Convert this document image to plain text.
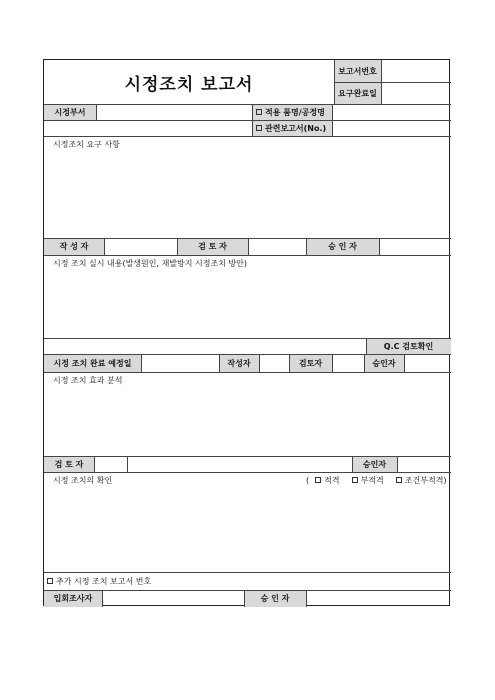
시정조치 보고서
보고서번호
요구완료일
시정부서	적용 품명/공정명
관련보고서(No.)
시정조치 요구 사항
작 성 자	검 토 자	승 인 자
시정 조치 실시 내용(발생원인, 재발방지 시정조치 방안)
Q.C 검토확인
시정 조치 완료 예정일	작성자	검토자	승인자
시정 조치 효과 분석
검 토 자	승인자
시정 조치의 확인	( 적격	부적격	조건부적격)
추가 시정 조치 보고서 번호
입회조사자	승 인 자
